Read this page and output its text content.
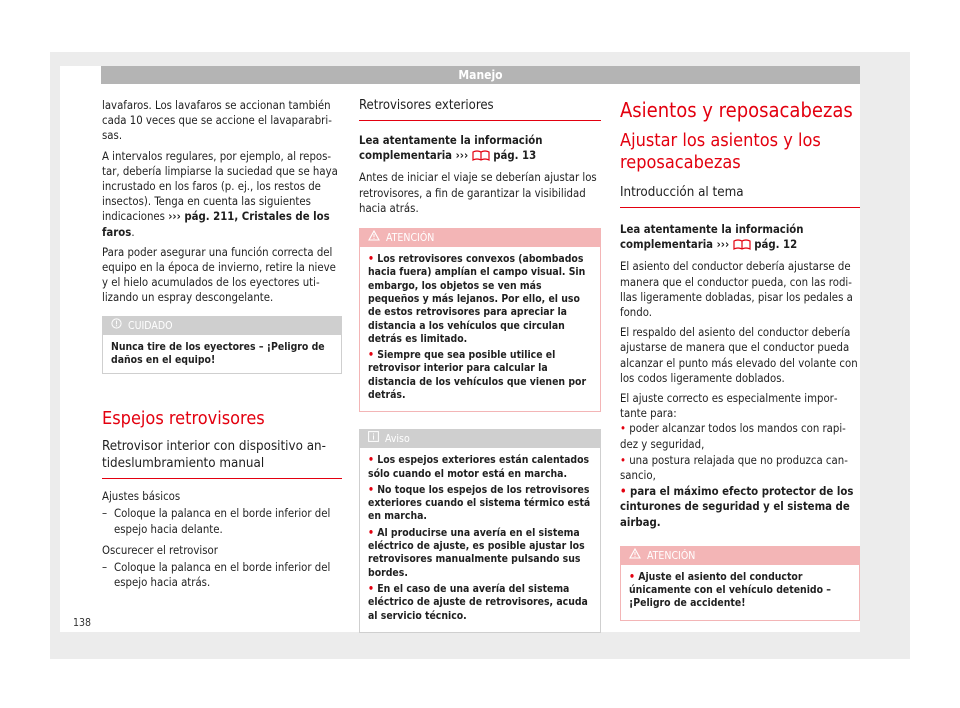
Manejo

lavafaros. Los lavafaros se accionan también cada 10 veces que se accione el lavaparabrisas.

A intervalos regulares, por ejemplo, al repostar, debería limpiarse la suciedad que se haya incrustado en los faros (p. ej., los restos de insectos). Tenga en cuenta las siguientes indicaciones ››› pág. 211, Cristales de los faros.

Para poder asegurar una función correcta del equipo en la época de invierno, retire la nieve y el hielo acumulados de los eyectores utilizando un espray descongelante.

CUIDADO
Nunca tire de los eyectores – ¡Peligro de daños en el equipo!
Espejos retrovisores
Retrovisor interior con dispositivo antideslumbramiento manual

Ajustes básicos

– Coloque la palanca en el borde inferior del espejo hacia delante.

Oscurecer el retrovisor

– Coloque la palanca en el borde inferior del espejo hacia atrás.
Retrovisores exteriores

Lea atentamente la información complementaria ›››  pág. 13

Antes de iniciar el viaje se deberían ajustar los retrovisores, a fin de garantizar la visibilidad hacia atrás.

ATENCIÓN
• Los retrovisores convexos (abombados hacia fuera) amplían el campo visual. Sin embargo, los objetos se ven más pequeños y más lejanos. Por ello, el uso de estos retrovisores para apreciar la distancia a los vehículos que circulan detrás es limitado.
• Siempre que sea posible utilice el retrovisor interior para calcular la distancia de los vehículos que vienen por detrás.
Aviso
• Los espejos exteriores están calentados sólo cuando el motor está en marcha.
• No toque los espejos de los retrovisores exteriores cuando el sistema térmico está en marcha.
• Al producirse una avería en el sistema eléctrico de ajuste, es posible ajustar los retrovisores manualmente pulsando sus bordes.
• En el caso de una avería del sistema eléctrico de ajuste de retrovisores, acuda al servicio técnico.
Asientos y reposacabezas
Ajustar los asientos y los reposacabezas
Introducción al tema

Lea atentamente la información complementaria ›››  pág. 12

El asiento del conductor debería ajustarse de manera que el conductor pueda, con las rodillas ligeramente dobladas, pisar los pedales a fondo.

El respaldo del asiento del conductor debería ajustarse de manera que el conductor pueda alcanzar el punto más elevado del volante con los codos ligeramente doblados.

El ajuste correcto es especialmente importante para:

• poder alcanzar todos los mandos con rapidez y seguridad,
• una postura relajada que no produzca cansancio,
• para el máximo efecto protector de los cinturones de seguridad y el sistema de airbag.
ATENCIÓN
• Ajuste el asiento del conductor únicamente con el vehículo detenido – ¡Peligro de accidente!
138
